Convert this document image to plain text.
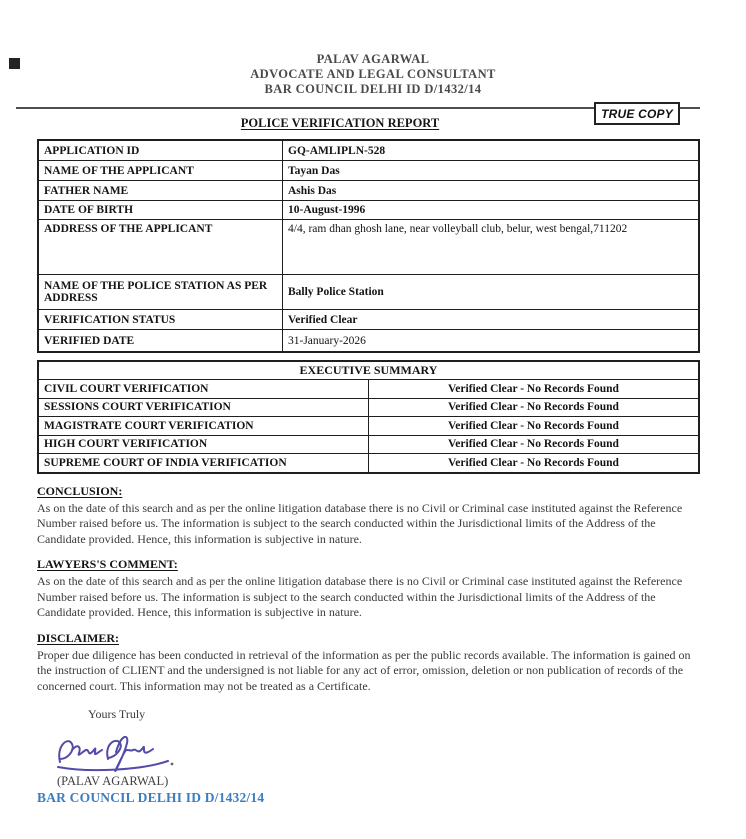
PALAV AGARWAL
ADVOCATE AND LEGAL CONSULTANT
BAR COUNCIL DELHI ID D/1432/14
TRUE COPY
POLICE VERIFICATION REPORT
APPLICATION ID	GQ-AMLIPLN-528
NAME OF THE APPLICANT	Tayan Das
FATHER NAME	Ashis Das
DATE OF BIRTH	10-August-1996
ADDRESS OF THE APPLICANT	4/4, ram dhan ghosh lane, near volleyball club, belur, west bengal,711202
NAME OF THE POLICE STATION AS PER ADDRESS	Bally Police Station
VERIFICATION STATUS	Verified Clear
VERIFIED DATE	31-January-2026
EXECUTIVE SUMMARY	
CIVIL COURT VERIFICATION	Verified Clear - No Records Found
SESSIONS COURT VERIFICATION	Verified Clear - No Records Found
MAGISTRATE COURT VERIFICATION	Verified Clear - No Records Found
HIGH COURT VERIFICATION	Verified Clear - No Records Found
SUPREME COURT OF INDIA VERIFICATION	Verified Clear - No Records Found
CONCLUSION:
As on the date of this search and as per the online litigation database there is no Civil or Criminal case instituted against the Reference Number raised before us. The information is subject to the search conducted within the Jurisdictional limits of the Address of the Candidate provided. Hence, this information is subjective in nature.
LAWYERS'S COMMENT:
As on the date of this search and as per the online litigation database there is no Civil or Criminal case instituted against the Reference Number raised before us. The information is subject to the search conducted within the Jurisdictional limits of the Address of the Candidate provided. Hence, this information is subjective in nature.
DISCLAIMER:
Proper due diligence has been conducted in retrieval of the information as per the public records available. The information is gained on the instruction of CLIENT and the undersigned is not liable for any act of error, omission, deletion or non publication of records of the concerned court. This information may not be treated as a Certificate.
Yours Truly
(PALAV AGARWAL)
BAR COUNCIL DELHI ID D/1432/14
